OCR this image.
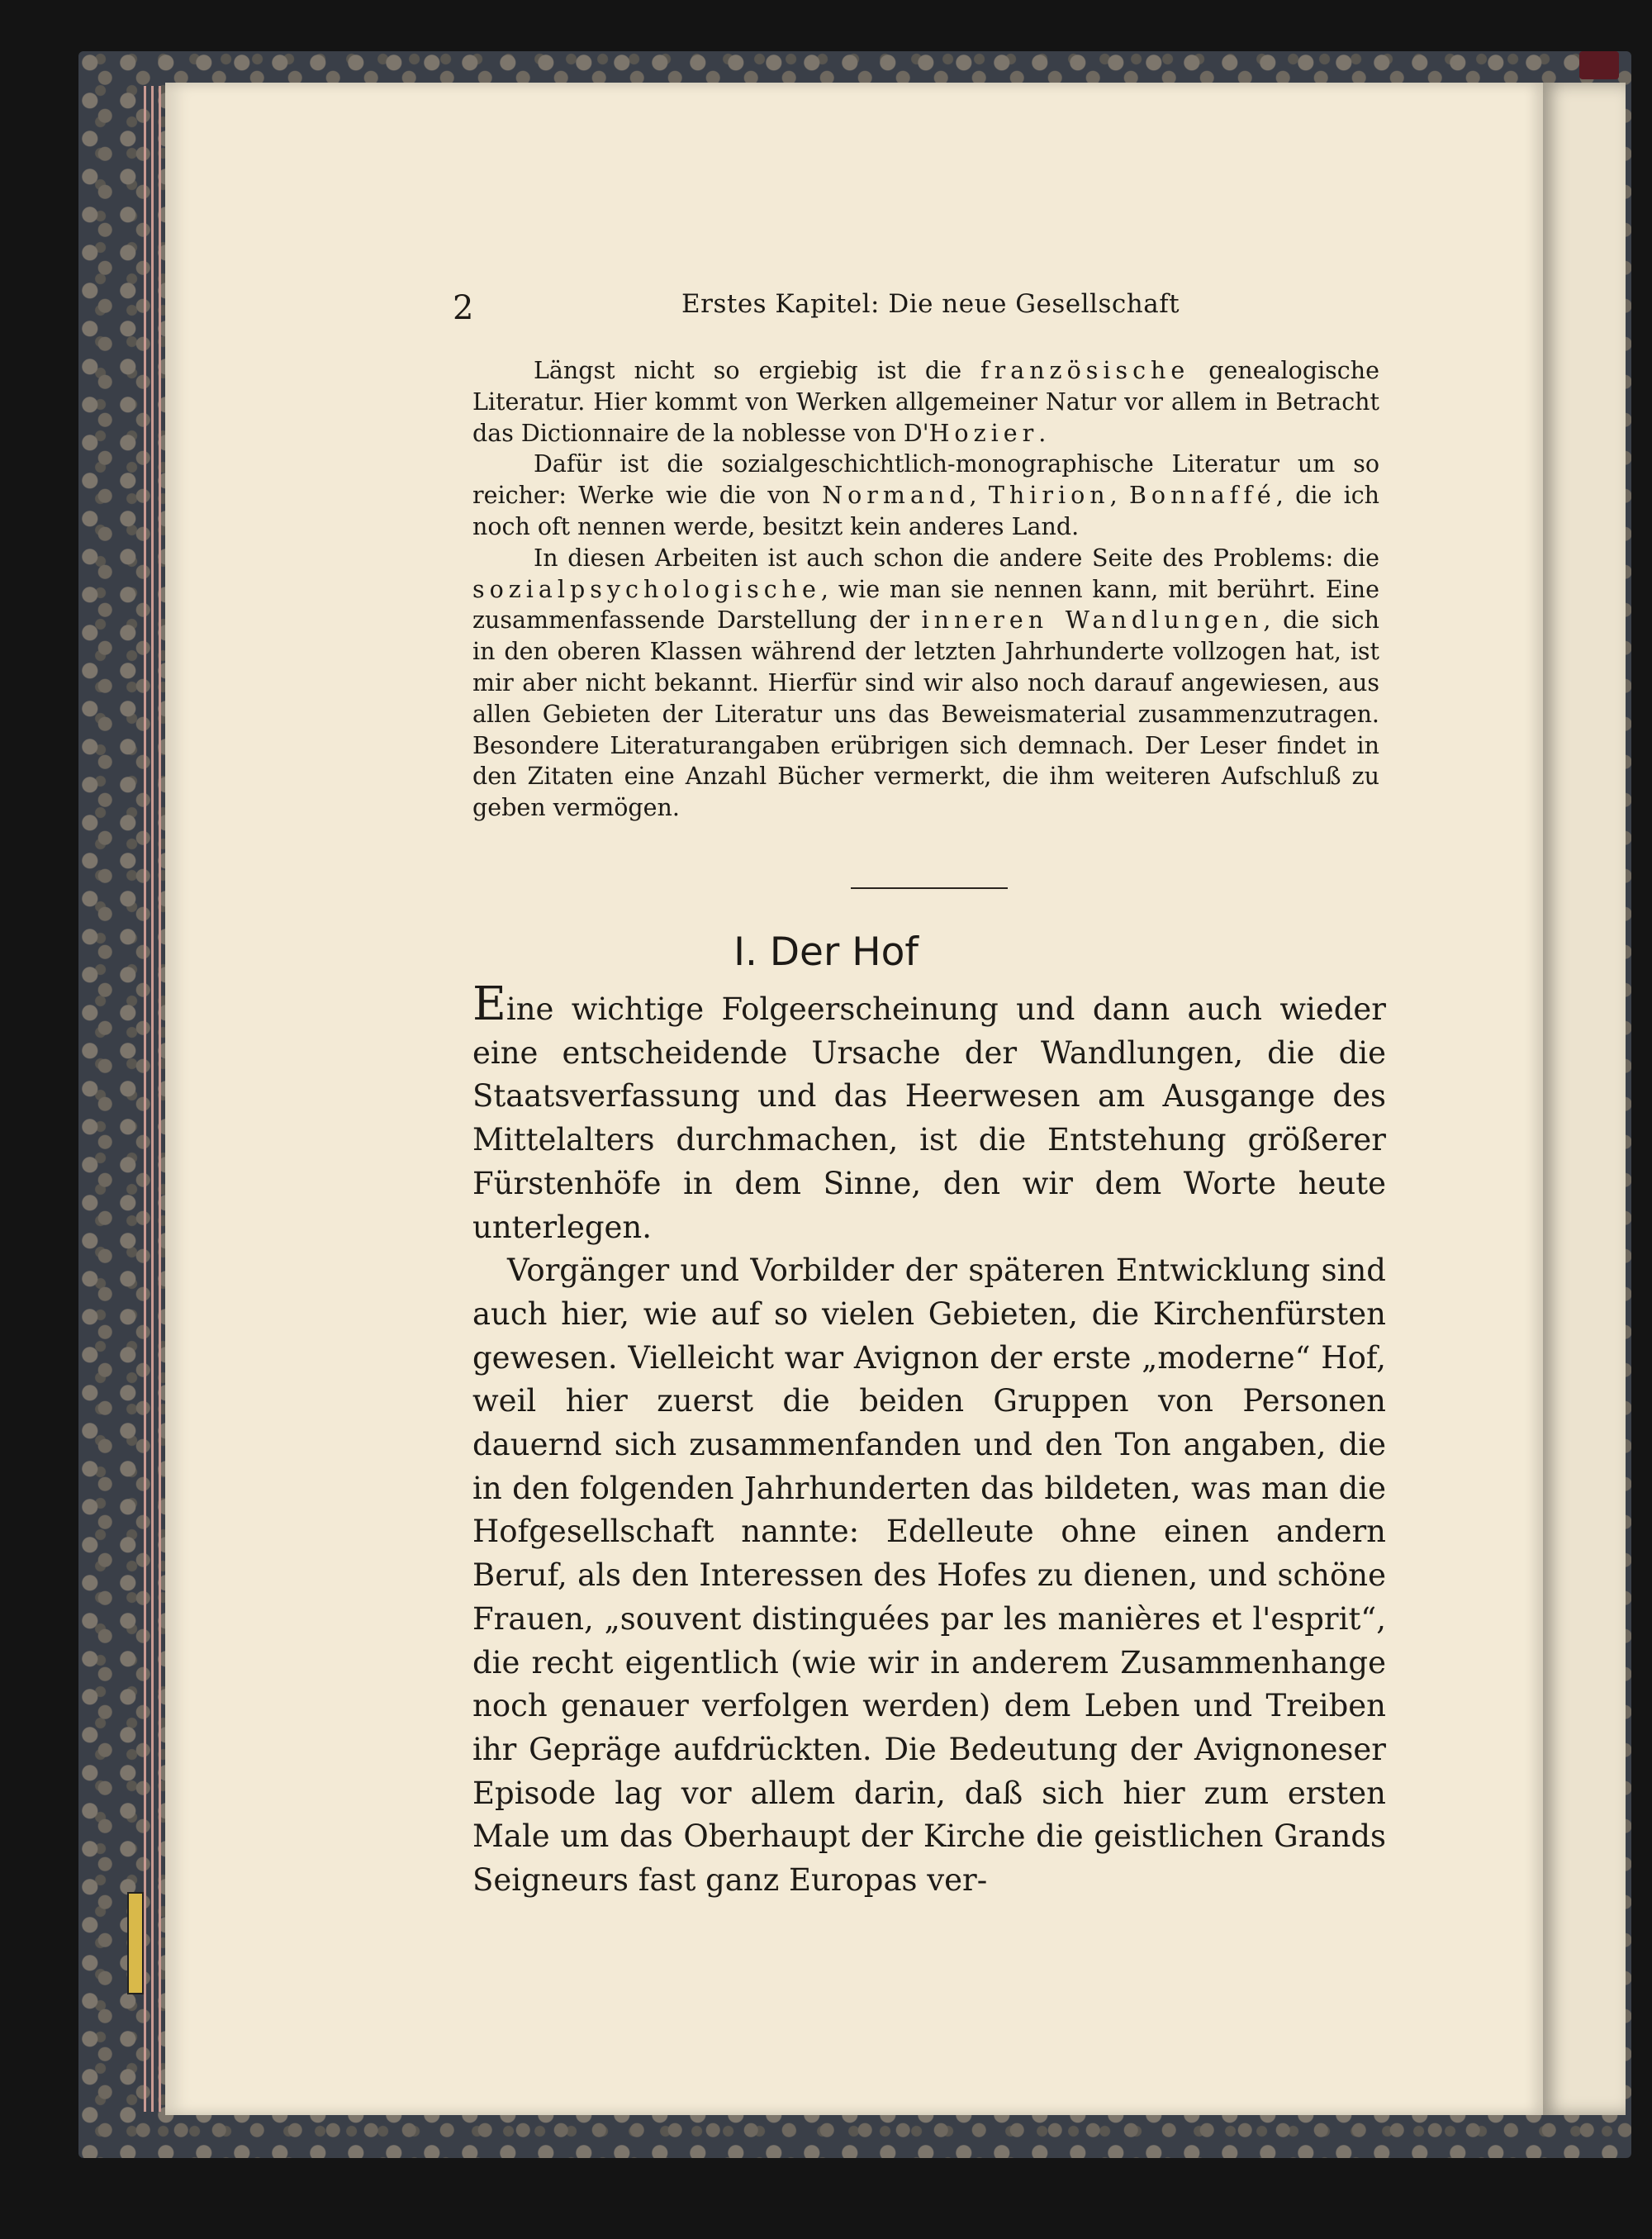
2	Erstes Kapitel: Die neue Gesellschaft

Längst nicht so ergiebig ist die französische genealogische Literatur. Hier kommt von Werken allgemeiner Natur vor allem in Betracht das Dictionnaire de la noblesse von D'Hozier.

Dafür ist die sozialgeschichtlich-monographische Literatur um so reicher: Werke wie die von Normand, Thirion, Bonnaffé, die ich noch oft nennen werde, besitzt kein anderes Land.

In diesen Arbeiten ist auch schon die andere Seite des Problems: die sozialpsychologische, wie man sie nennen kann, mit berührt. Eine zusammenfassende Darstellung der inneren Wandlungen, die sich in den oberen Klassen während der letzten Jahrhunderte vollzogen hat, ist mir aber nicht bekannt. Hierfür sind wir also noch darauf angewiesen, aus allen Gebieten der Literatur uns das Beweismaterial zusammenzutragen. Besondere Literaturangaben erübrigen sich demnach. Der Leser findet in den Zitaten eine Anzahl Bücher vermerkt, die ihm weiteren Aufschluß zu geben vermögen.

I. Der Hof

Eine wichtige Folgeerscheinung und dann auch wieder eine entscheidende Ursache der Wandlungen, die die Staatsverfassung und das Heerwesen am Ausgange des Mittelalters durchmachen, ist die Entstehung größerer Fürstenhöfe in dem Sinne, den wir dem Worte heute unterlegen.

Vorgänger und Vorbilder der späteren Entwicklung sind auch hier, wie auf so vielen Gebieten, die Kirchenfürsten gewesen. Vielleicht war Avignon der erste „moderne“ Hof, weil hier zuerst die beiden Gruppen von Personen dauernd sich zusammenfanden und den Ton angaben, die in den folgenden Jahrhunderten das bildeten, was man die Hofgesellschaft nannte: Edelleute ohne einen andern Beruf, als den Interessen des Hofes zu dienen, und schöne Frauen, „souvent distinguées par les manières et l'esprit“, die recht eigentlich (wie wir in anderem Zusammenhange noch genauer verfolgen werden) dem Leben und Treiben ihr Gepräge aufdrückten. Die Bedeutung der Avignoneser Episode lag vor allem darin, daß sich hier zum ersten Male um das Oberhaupt der Kirche die geistlichen Grands Seigneurs fast ganz Europas ver-
